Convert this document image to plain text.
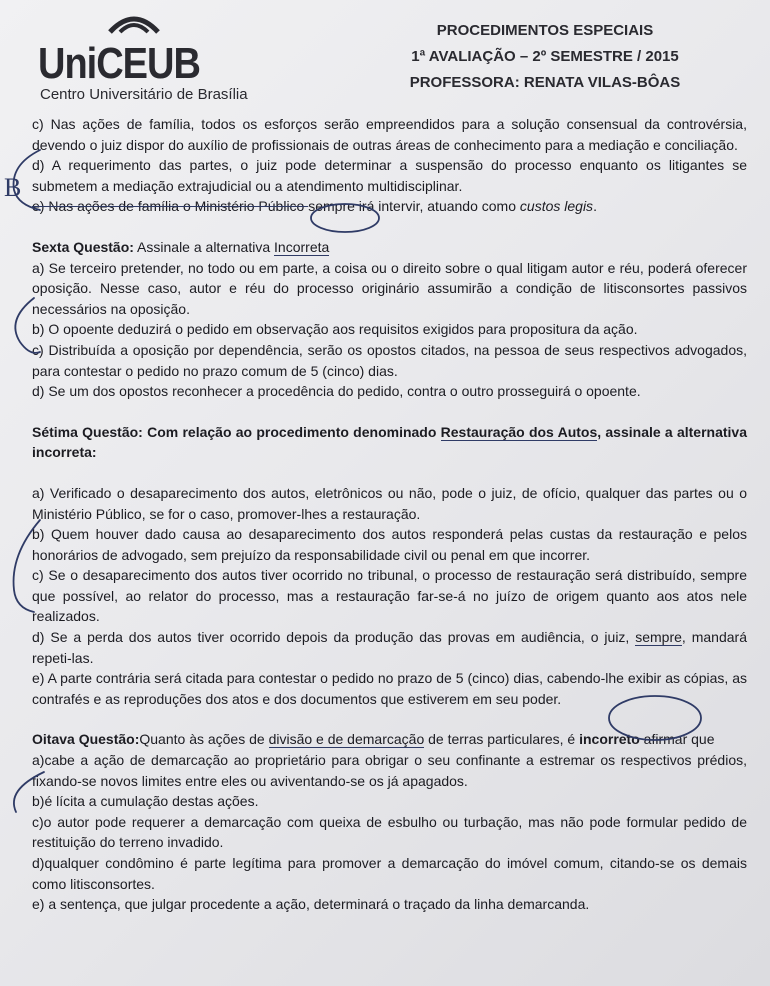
UniCEUB
Centro Universitário de Brasília
PROCEDIMENTOS ESPECIAIS
1ª AVALIAÇÃO – 2º SEMESTRE / 2015
PROFESSORA: RENATA VILAS-BÔAS

c) Nas ações de família, todos os esforços serão empreendidos para a solução consensual da controvérsia, devendo o juiz dispor do auxílio de profissionais de outras áreas de conhecimento para a mediação e conciliação.

d) A requerimento das partes, o juiz pode determinar a suspensão do processo enquanto os litigantes se submetem a mediação extrajudicial ou a atendimento multidisciplinar.

e) Nas ações de família o Ministério Público sempre irá intervir, atuando como custos legis.

Sexta Questão: Assinale a alternativa Incorreta

a) Se terceiro pretender, no todo ou em parte, a coisa ou o direito sobre o qual litigam autor e réu, poderá oferecer oposição. Nesse caso, autor e réu do processo originário assumirão a condição de litisconsortes passivos necessários na oposição.

b) O opoente deduzirá o pedido em observação aos requisitos exigidos para propositura da ação.

c) Distribuída a oposição por dependência, serão os opostos citados, na pessoa de seus respectivos advogados, para contestar o pedido no prazo comum de 5 (cinco) dias.

d) Se um dos opostos reconhecer a procedência do pedido, contra o outro prosseguirá o opoente.

Sétima Questão: Com relação ao procedimento denominado Restauração dos Autos, assinale a alternativa incorreta:

a) Verificado o desaparecimento dos autos, eletrônicos ou não, pode o juiz, de ofício, qualquer das partes ou o Ministério Público, se for o caso, promover-lhes a restauração.

b) Quem houver dado causa ao desaparecimento dos autos responderá pelas custas da restauração e pelos honorários de advogado, sem prejuízo da responsabilidade civil ou penal em que incorrer.

c) Se o desaparecimento dos autos tiver ocorrido no tribunal, o processo de restauração será distribuído, sempre que possível, ao relator do processo, mas a restauração far-se-á no juízo de origem quanto aos atos nele realizados.

d) Se a perda dos autos tiver ocorrido depois da produção das provas em audiência, o juiz, sempre, mandará repeti-las.

e) A parte contrária será citada para contestar o pedido no prazo de 5 (cinco) dias, cabendo-lhe exibir as cópias, as contrafés e as reproduções dos atos e dos documentos que estiverem em seu poder.

Oitava Questão:Quanto às ações de divisão e de demarcação de terras particulares, é incorreto afirmar que

a)cabe a ação de demarcação ao proprietário para obrigar o seu confinante a estremar os respectivos prédios, fixando-se novos limites entre eles ou aviventando-se os já apagados.

b)é lícita a cumulação destas ações.

c)o autor pode requerer a demarcação com queixa de esbulho ou turbação, mas não pode formular pedido de restituição do terreno invadido.

d)qualquer condômino é parte legítima para promover a demarcação do imóvel comum, citando-se os demais como litisconsortes.

e) a sentença, que julgar procedente a ação, determinará o traçado da linha demarcanda.

B
